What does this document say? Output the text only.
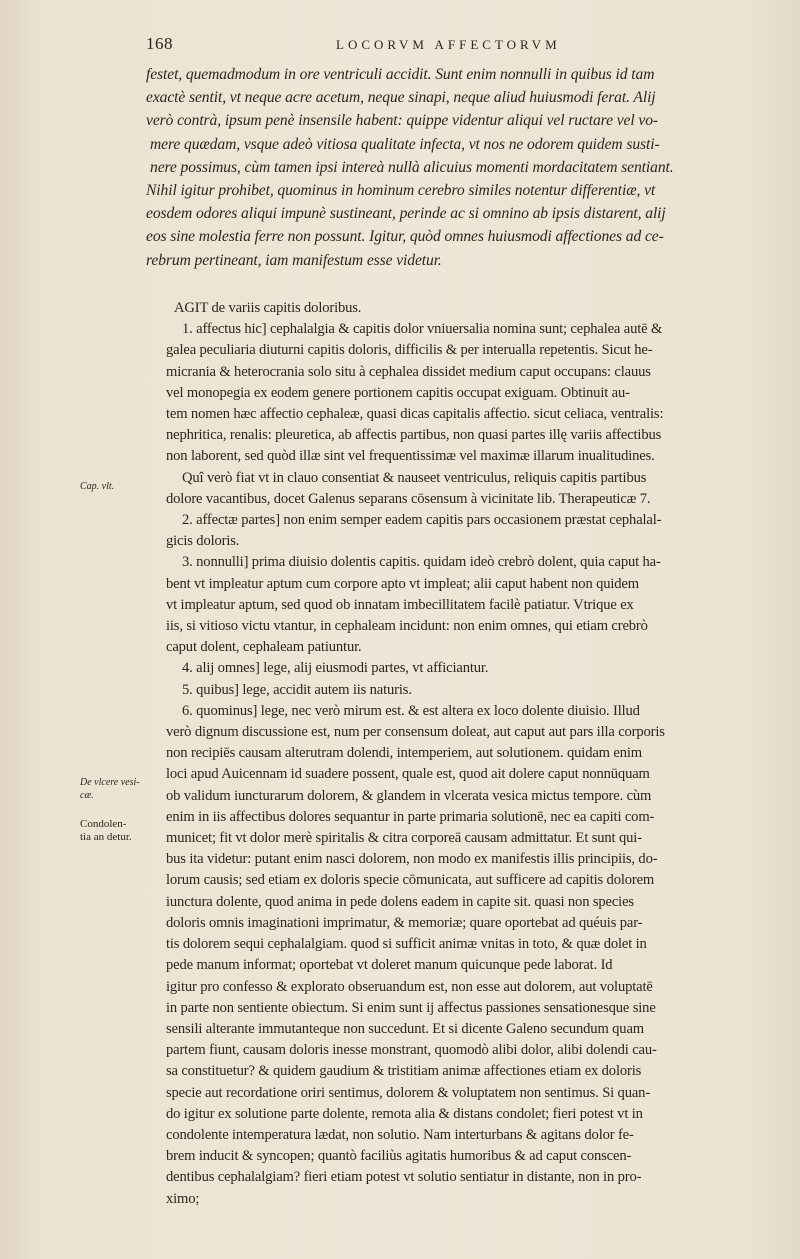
168	LOCORVM AFFECTORVM
festet, quemadmodum in ore ventriculi accidit. Sunt enim nonnulli in quibus id tam
exactè sentit, vt neque acre acetum, neque sinapi, neque aliud huiusmodi ferat. Alij
verò contrà, ipsum penè insensile habent: quippe videntur aliqui vel ructare vel vo-
mere quædam, vsque adeò vitiosa qualitate infecta, vt nos ne odorem quidem susti-
nere possimus, cùm tamen ipsi intereà nullà alicuius momenti mordacitatem sentiant.
Nihil igitur prohibet, quominus in hominum cerebro similes notentur differentiæ, vt
eosdem odores aliqui impunè sustineant, perinde ac si omnino ab ipsis distarent, alij
eos sine molestia ferre non possunt. Igitur, quòd omnes huiusmodi affectiones ad ce-
rebrum pertineant, iam manifestum esse videtur.
AGIT de variis capitis doloribus.
1. affectus hic] cephalalgia & capitis dolor vniuersalia nomina sunt; cephalea autē &
galea peculiaria diuturni capitis doloris, difficilis & per interualla repetentis. Sicut he-
micrania & heterocrania solo situ à cephalea dissidet medium caput occupans: clauus
vel monopegia ex eodem genere portionem capitis occupat exiguam. Obtinuit au-
tem nomen hæc affectio cephaleæ, quasi dicas capitalis affectio. sicut celiaca, ventralis:
nephritica, renalis: pleuretica, ab affectis partibus, non quasi partes illę variis affectibus
non laborent, sed quòd illæ sint vel frequentissimæ vel maximæ illarum inualitudines.
Quî verò fiat vt in clauo consentiat & nauseet ventriculus, reliquis capitis partibus
dolore vacantibus, docet Galenus separans cōsensum à vicinitate lib. Therapeuticæ 7.
2. affectæ partes] non enim semper eadem capitis pars occasionem præstat cephalal-
gicis doloris.
3. nonnulli] prima diuisio dolentis capitis. quidam ideò crebrò dolent, quia caput ha-
bent vt impleatur aptum cum corpore apto vt impleat; alii caput habent non quidem
vt impleatur aptum, sed quod ob innatam imbecillitatem facilè patiatur. Vtrique ex
iis, si vitioso victu vtantur, in cephaleam incidunt: non enim omnes, qui etiam crebrò
caput dolent, cephaleam patiuntur.
4. alij omnes] lege, alij eiusmodi partes, vt afficiantur.
5. quibus] lege, accidit autem iis naturis.
6. quominus] lege, nec verò mirum est. & est altera ex loco dolente diuisio. Illud
verò dignum discussione est, num per consensum doleat, aut caput aut pars illa corporis
non recipiēs causam alterutram dolendi, intemperiem, aut solutionem. quidam enim
loci apud Auicennam id suadere possent, quale est, quod ait dolere caput nonnūquam
ob validum iuncturarum dolorem, & glandem in vlcerata vesica mictus tempore. cùm
enim in iis affectibus dolores sequantur in parte primaria solutionē, nec ea capiti com-
municet; fit vt dolor merè spiritalis & citra corporeā causam admittatur. Et sunt qui-
bus ita videtur: putant enim nasci dolorem, non modo ex manifestis illis principiis, do-
lorum causis; sed etiam ex doloris specie cōmunicata, aut sufficere ad capitis dolorem
iunctura dolente, quod anima in pede dolens eadem in capite sit. quasi non species
doloris omnis imaginationi imprimatur, & memoriæ; quare oportebat ad quéuis par-
tis dolorem sequi cephalalgiam. quod si sufficit animæ vnitas in toto, & quæ dolet in
pede manum informat; oportebat vt doleret manum quicunque pede laborat. Id
igitur pro confesso & explorato obseruandum est, non esse aut dolorem, aut voluptatē
in parte non sentiente obiectum. Si enim sunt ij affectus passiones sensationesque sine
sensili alterante immutanteque non succedunt. Et si dicente Galeno secundum quam
partem fiunt, causam doloris inesse monstrant, quomodò alibi dolor, alibi dolendi cau-
sa constituetur? & quidem gaudium & tristitiam animæ affectiones etiam ex doloris
specie aut recordatione oriri sentimus, dolorem & voluptatem non sentimus. Si quan-
do igitur ex solutione parte dolente, remota alia & distans condolet; fieri potest vt in
condolente intemperatura lædat, non solutio. Nam interturbans & agitans dolor fe-
brem inducit & syncopen; quantò faciliùs agitatis humoribus & ad caput conscen-
dentibus cephalalgiam? fieri etiam potest vt solutio sentiatur in distante, non in pro-
ximo;
Cap. vlt.
De vlcere vesi-
cæ.
Condolen-
tia an detur.
